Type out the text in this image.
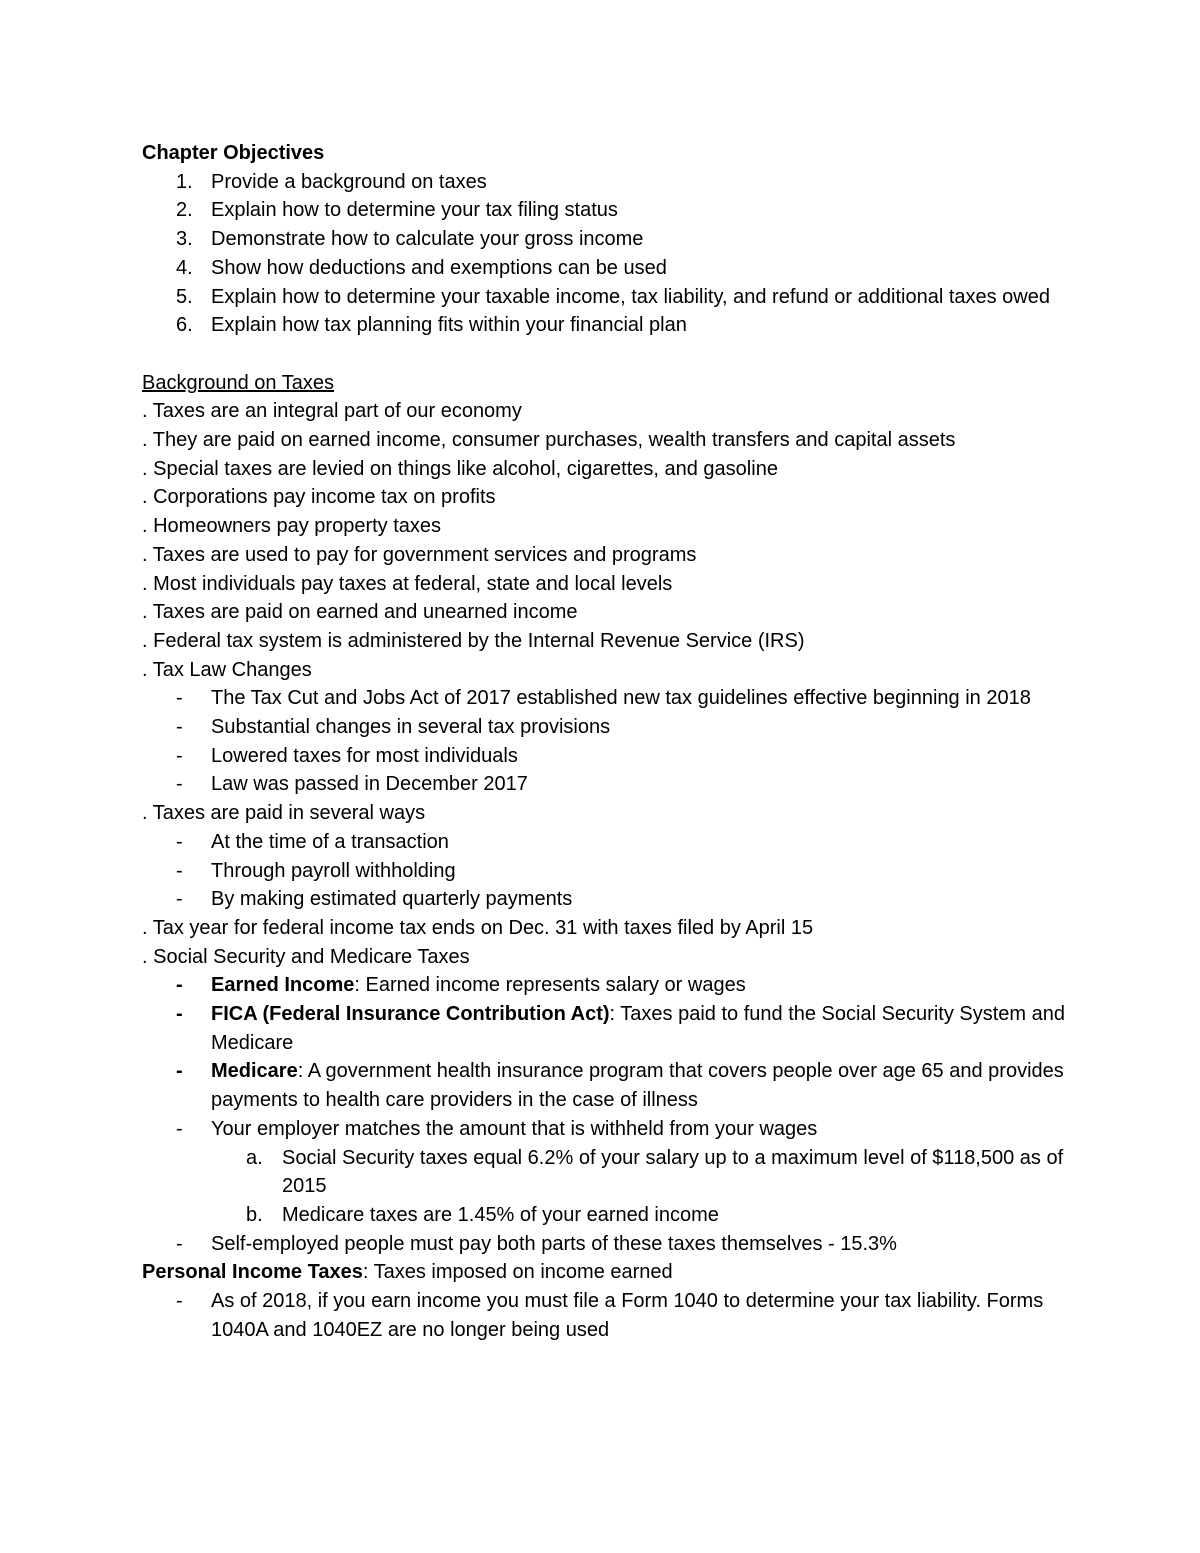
Chapter Objectives
1. Provide a background on taxes
2. Explain how to determine your tax filing status
3. Demonstrate how to calculate your gross income
4. Show how deductions and exemptions can be used
5. Explain how to determine your taxable income, tax liability, and refund or additional taxes owed
6. Explain how tax planning fits within your financial plan
Background on Taxes
. Taxes are an integral part of our economy
. They are paid on earned income, consumer purchases, wealth transfers and capital assets
. Special taxes are levied on things like alcohol, cigarettes, and gasoline
. Corporations pay income tax on profits
. Homeowners pay property taxes
. Taxes are used to pay for government services and programs
. Most individuals pay taxes at federal, state and local levels
. Taxes are paid on earned and unearned income
. Federal tax system is administered by the Internal Revenue Service (IRS)
. Tax Law Changes
- The Tax Cut and Jobs Act of 2017 established new tax guidelines effective beginning in 2018
- Substantial changes in several tax provisions
- Lowered taxes for most individuals
- Law was passed in December 2017
. Taxes are paid in several ways
- At the time of a transaction
- Through payroll withholding
- By making estimated quarterly payments
. Tax year for federal income tax ends on Dec. 31 with taxes filed by April 15
. Social Security and Medicare Taxes
- Earned Income: Earned income represents salary or wages
- FICA (Federal Insurance Contribution Act): Taxes paid to fund the Social Security System and Medicare
- Medicare: A government health insurance program that covers people over age 65 and provides payments to health care providers in the case of illness
- Your employer matches the amount that is withheld from your wages
a. Social Security taxes equal 6.2% of your salary up to a maximum level of $118,500 as of 2015
b. Medicare taxes are 1.45% of your earned income
- Self-employed people must pay both parts of these taxes themselves - 15.3%
Personal Income Taxes: Taxes imposed on income earned
- As of 2018, if you earn income you must file a Form 1040 to determine your tax liability. Forms 1040A and 1040EZ are no longer being used
